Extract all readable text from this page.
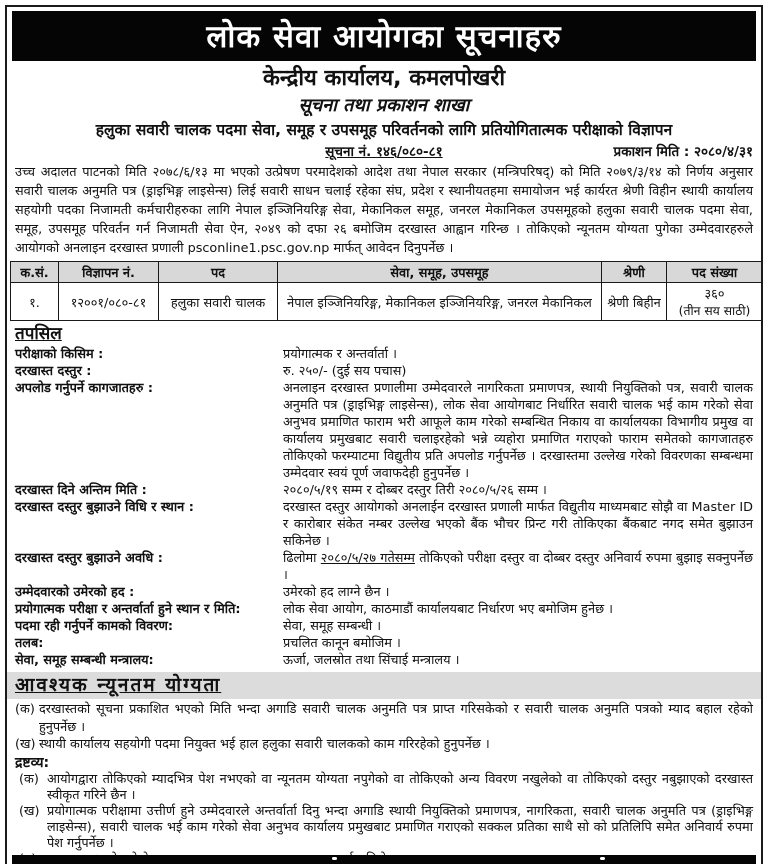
लोक सेवा आयोगका सूचनाहरु
केन्द्रीय कार्यालय, कमलपोखरी
सूचना तथा प्रकाशन शाखा
हलुका सवारी चालक पदमा सेवा, समूह र उपसमूह परिवर्तनको लागि प्रतियोगितात्मक परीक्षाको विज्ञापन
सूचना नं. १४६/०८०-८१	प्रकाशन मिति : २०८०/४/३१
उच्च अदालत पाटनको मिति २०७८/६/१३ मा भएको उत्प्रेषण परमादेशको आदेश तथा नेपाल सरकार (मन्त्रिपरिषद्) को मिति २०७९/३/१४ को निर्णय अनुसार सवारी चालक अनुमति पत्र (ड्राइभिङ्ग लाइसेन्स) लिई सवारी साधन चलाई रहेका संघ, प्रदेश र स्थानीयतहमा समायोजन भई कार्यरत श्रेणी विहीन स्थायी कार्यालय सहयोगी पदका निजामती कर्मचारीहरुका लागि नेपाल इञ्जिनियरिङ्ग सेवा, मेकानिकल समूह, जनरल मेकानिकल उपसमूहको हलुका सवारी चालक पदमा सेवा, समूह, उपसमूह परिवर्तन गर्न निजामती सेवा ऐन, २०४९ को दफा २६ बमोजिम दरखास्त आह्वान गरिन्छ । तोकिएको न्यूनतम योग्यता पुगेका उम्मेदवारहरुले आयोगको अनलाइन दरखास्त प्रणाली psconline1.psc.gov.np मार्फत् आवेदन दिनुपर्नेछ ।
क.सं.	विज्ञापन नं.	पद	सेवा, समूह, उपसमूह	श्रेणी	पद संख्या
१.	१२००१/०८०-८१	हलुका सवारी चालक	नेपाल इञ्जिनियरिङ्ग, मेकानिकल इञ्जिनियरिङ्ग, जनरल मेकानिकल	श्रेणी बिहीन	३६०
(तीन सय साठी)
तपसिल
परीक्षाको किसिम :	प्रयोगात्मक र अन्तर्वार्ता ।
दरखास्त दस्तुर :	रु. २५०/- (दुई सय पचास)
अपलोड गर्नुपर्ने कागजातहरु :	अनलाइन दरखास्त प्रणालीमा उम्मेदवारले नागरिकता प्रमाणपत्र, स्थायी नियुक्तिको पत्र, सवारी चालक अनुमति पत्र (ड्राइभिङ्ग लाइसेन्स), लोक सेवा आयोगबाट निर्धारित सवारी चालक भई काम गरेको सेवा अनुभव प्रमाणित फाराम भरी आफूले काम गरेको सम्बन्धित निकाय वा कार्यालयका विभागीय प्रमुख वा कार्यालय प्रमुखबाट सवारी चलाइरहेको भन्ने व्यहोरा प्रमाणित गराएको फाराम समेतको कागजातहरु तोकिएको फरम्याटमा विद्युतीय प्रति अपलोड गर्नुपर्नेछ । दरखास्तमा उल्लेख गरेको विवरणका सम्बन्धमा उम्मेदवार स्वयं पूर्ण जवाफदेही हुनुपर्नेछ ।
दरखास्त दिने अन्तिम मिति :	२०८०/५/१९ सम्म र दोब्बर दस्तुर तिरी २०८०/५/२६ सम्म ।
दरखास्त दस्तुर बुझाउने विधि र स्थान :	दरखास्त दस्तुर आयोगको अनलाईन दरखास्त प्रणाली मार्फत विद्युतीय माध्यमबाट सोझै वा Master ID र कारोबार संकेत नम्बर उल्लेख भएको बैंक भौचर प्रिन्ट गरी तोकिएका बैंकबाट नगद समेत बुझाउन सकिनेछ ।
दरखास्त दस्तुर बुझाउने अवधि :	ढिलोमा २०८०/५/२७ गतेसम्म तोकिएको परीक्षा दस्तुर वा दोब्बर दस्तुर अनिवार्य रुपमा बुझाइ सक्नुपर्नेछ ।
उम्मेदवारको उमेरको हद :	उमेरको हद लाग्ने छैन ।
प्रयोगात्मक परीक्षा र अन्तर्वार्ता हुने स्थान र मिति:	लोक सेवा आयोग, काठमाडौं कार्यालयबाट निर्धारण भए बमोजिम हुनेछ ।
पदमा रही गर्नुपर्ने कामको विवरण:	सेवा, समूह सम्बन्धी ।
तलब:	प्रचलित कानून बमोजिम ।
सेवा, समूह सम्बन्धी मन्त्रालय:	ऊर्जा, जलस्रोत तथा सिंचाई मन्त्रालय ।
आवश्यक न्यूनतम योग्यता
(क) दरखास्तको सूचना प्रकाशित भएको मिति भन्दा अगाडि सवारी चालक अनुमति पत्र प्राप्त गरिसकेको र सवारी चालक अनुमति पत्रको म्याद बहाल रहेको हुनुपर्नेछ ।
(ख) स्थायी कार्यालय सहयोगी पदमा नियुक्त भई हाल हलुका सवारी चालकको काम गरिरहेको हुनुपर्नेछ ।
द्रष्टव्य:
(क) आयोगद्वारा तोकिएको म्यादभित्र पेश नभएको वा न्यूनतम योग्यता नपुगेको वा तोकिएको अन्य विवरण नखुलेको वा तोकिएको दस्तुर नबुझाएको दरखास्त स्वीकृत गरिने छैन ।
(ख) प्रयोगात्मक परीक्षामा उत्तीर्ण हुने उम्मेदवारले अन्तर्वार्ता दिनु भन्दा अगाडि स्थायी नियुक्तिको प्रमाणपत्र, नागरिकता, सवारी चालक अनुमति पत्र (ड्राइभिङ्ग लाइसेन्स), सवारी चालक भई काम गरेको सेवा अनुभव कार्यालय प्रमुखबाट प्रमाणित गराएको सक्कल प्रतिका साथै सो को प्रतिलिपि समेत अनिवार्य रुपमा पेश गर्नुपर्नेछ ।
